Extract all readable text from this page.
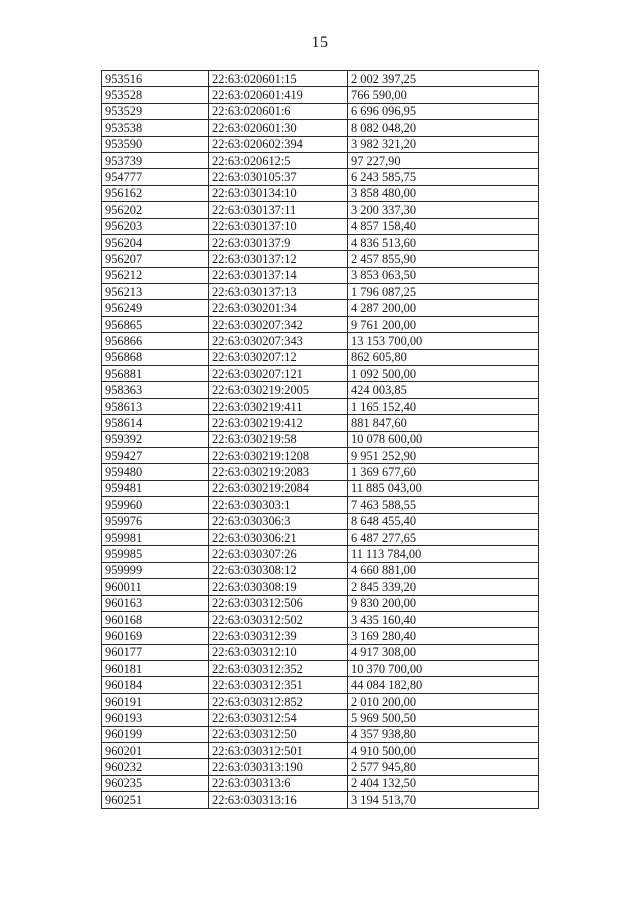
15
953516	22:63:020601:15	2 002 397,25
953528	22:63:020601:419	766 590,00
953529	22:63:020601:6	6 696 096,95
953538	22:63:020601:30	8 082 048,20
953590	22:63:020602:394	3 982 321,20
953739	22:63:020612:5	97 227,90
954777	22:63:030105:37	6 243 585,75
956162	22:63:030134:10	3 858 480,00
956202	22:63:030137:11	3 200 337,30
956203	22:63:030137:10	4 857 158,40
956204	22:63:030137:9	4 836 513,60
956207	22:63:030137:12	2 457 855,90
956212	22:63:030137:14	3 853 063,50
956213	22:63:030137:13	1 796 087,25
956249	22:63:030201:34	4 287 200,00
956865	22:63:030207:342	9 761 200,00
956866	22:63:030207:343	13 153 700,00
956868	22:63:030207:12	862 605,80
956881	22:63:030207:121	1 092 500,00
958363	22:63:030219:2005	424 003,85
958613	22:63:030219:411	1 165 152,40
958614	22:63:030219:412	881 847,60
959392	22:63:030219:58	10 078 600,00
959427	22:63:030219:1208	9 951 252,90
959480	22:63:030219:2083	1 369 677,60
959481	22:63:030219:2084	11 885 043,00
959960	22:63:030303:1	7 463 588,55
959976	22:63:030306:3	8 648 455,40
959981	22:63:030306:21	6 487 277,65
959985	22:63:030307:26	11 113 784,00
959999	22:63:030308:12	4 660 881,00
960011	22:63:030308:19	2 845 339,20
960163	22:63:030312:506	9 830 200,00
960168	22:63:030312:502	3 435 160,40
960169	22:63:030312:39	3 169 280,40
960177	22:63:030312:10	4 917 308,00
960181	22:63:030312:352	10 370 700,00
960184	22:63:030312:351	44 084 182,80
960191	22:63:030312:852	2 010 200,00
960193	22:63:030312:54	5 969 500,50
960199	22:63:030312:50	4 357 938,80
960201	22:63:030312:501	4 910 500,00
960232	22:63:030313:190	2 577 945,80
960235	22:63:030313:6	2 404 132,50
960251	22:63:030313:16	3 194 513,70
